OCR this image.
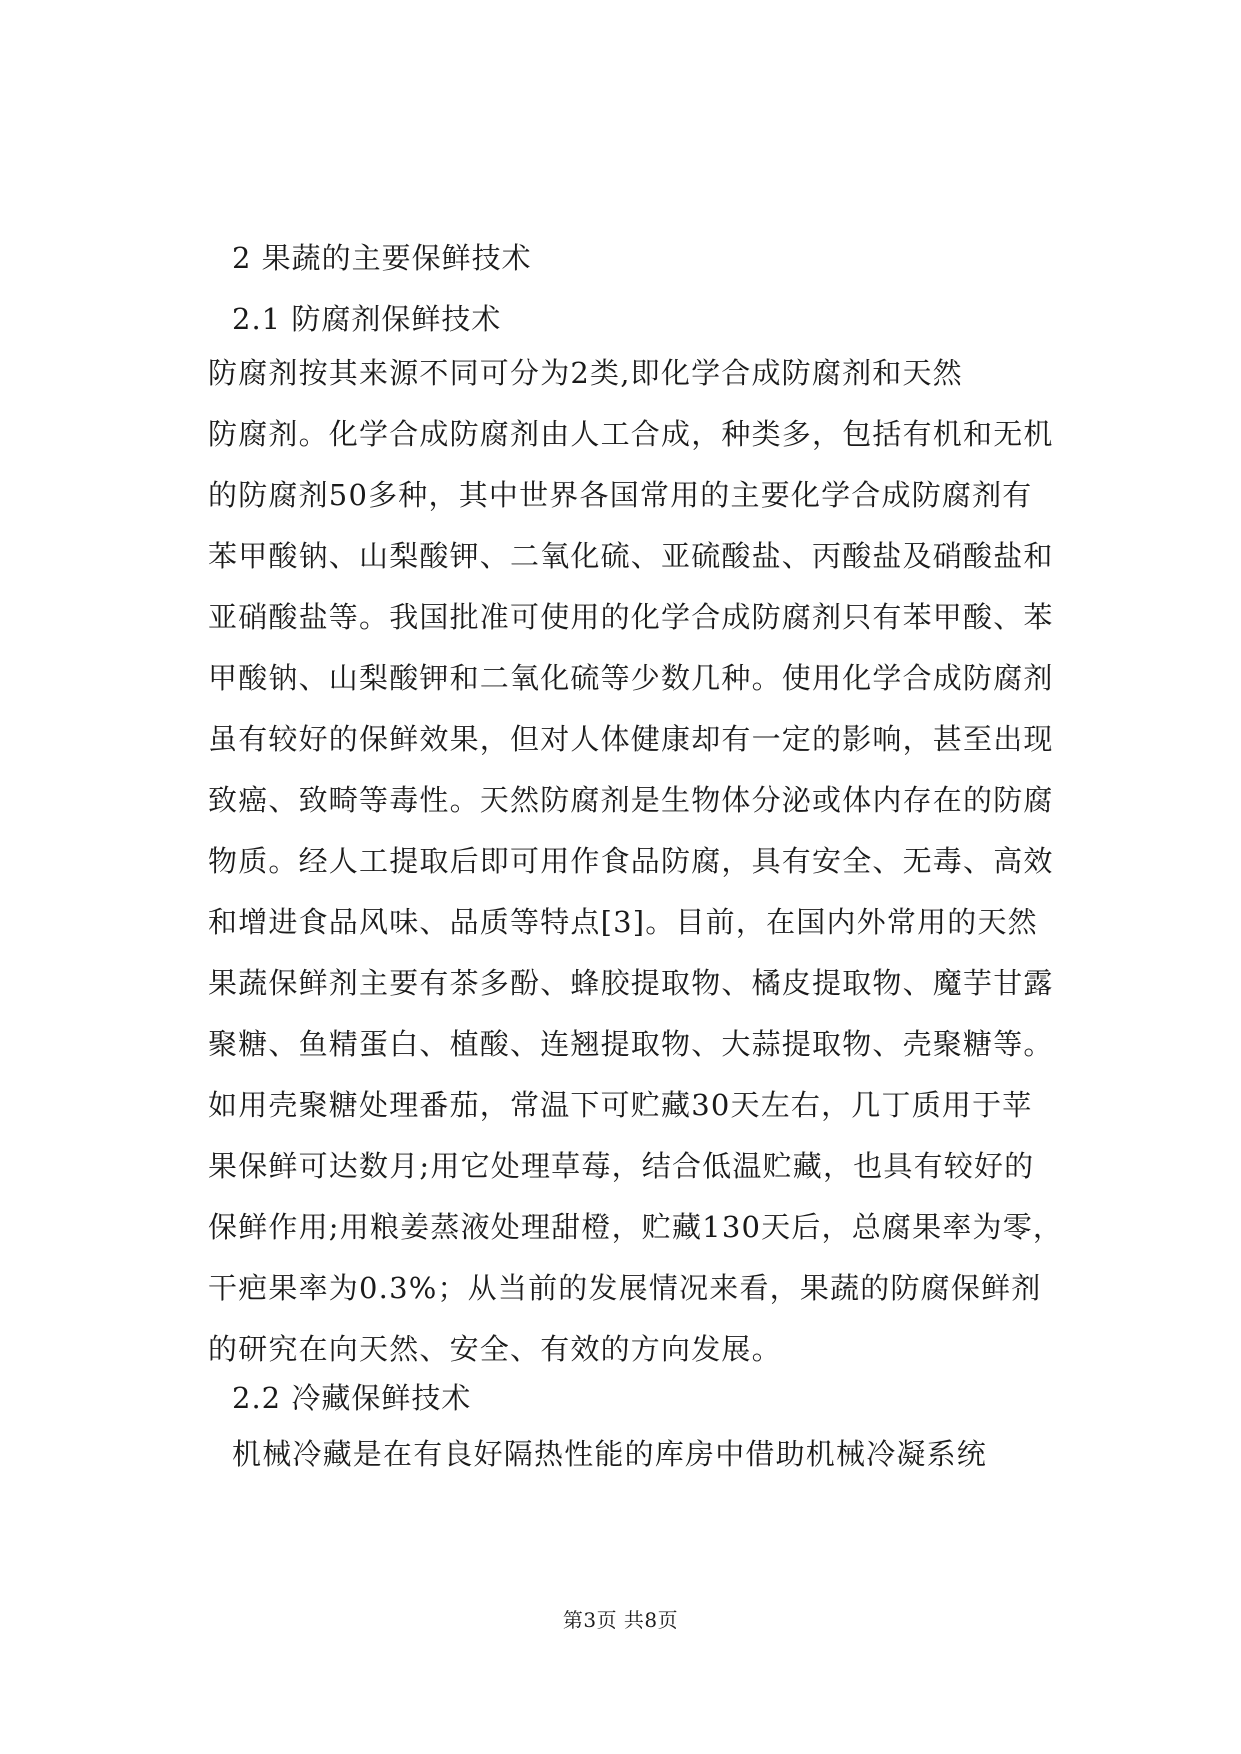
2 果蔬的主要保鲜技术
2.1 防腐剂保鲜技术
防腐剂按其来源不同可分为2类,即化学合成防腐剂和天然
防腐剂。化学合成防腐剂由人工合成，种类多，包括有机和无机
的防腐剂50多种，其中世界各国常用的主要化学合成防腐剂有
苯甲酸钠、山梨酸钾、二氧化硫、亚硫酸盐、丙酸盐及硝酸盐和
亚硝酸盐等。我国批准可使用的化学合成防腐剂只有苯甲酸、苯
甲酸钠、山梨酸钾和二氧化硫等少数几种。使用化学合成防腐剂
虽有较好的保鲜效果，但对人体健康却有一定的影响，甚至出现
致癌、致畸等毒性。天然防腐剂是生物体分泌或体内存在的防腐
物质。经人工提取后即可用作食品防腐，具有安全、无毒、高效
和增进食品风味、品质等特点[3]。目前，在国内外常用的天然
果蔬保鲜剂主要有茶多酚、蜂胶提取物、橘皮提取物、魔芋甘露
聚糖、鱼精蛋白、植酸、连翘提取物、大蒜提取物、壳聚糖等。
如用壳聚糖处理番茄，常温下可贮藏30天左右，几丁质用于苹
果保鲜可达数月;用它处理草莓，结合低温贮藏，也具有较好的
保鲜作用;用粮姜蒸液处理甜橙，贮藏130天后，总腐果率为零，
干疤果率为0.3%；从当前的发展情况来看，果蔬的防腐保鲜剂
的研究在向天然、安全、有效的方向发展。
2.2 冷藏保鲜技术
机械冷藏是在有良好隔热性能的库房中借助机械冷凝系统
第3页 共8页
